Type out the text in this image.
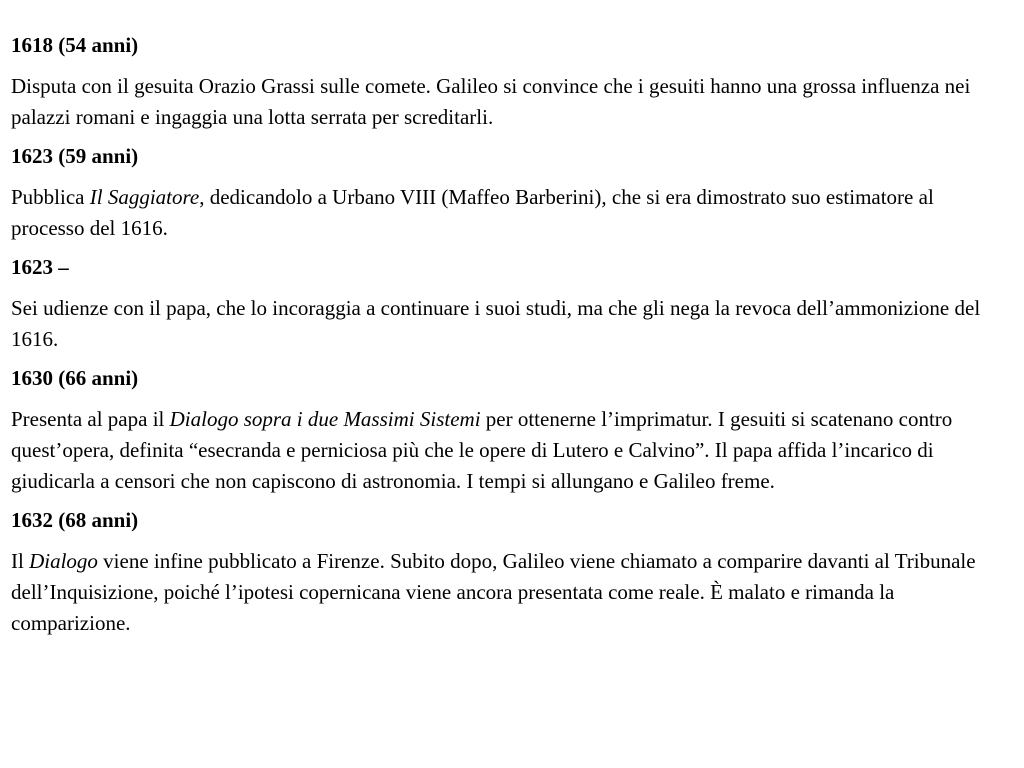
1618 (54 anni)

Disputa con il gesuita Orazio Grassi sulle comete. Galileo si convince che i gesuiti hanno una grossa influenza nei palazzi romani e ingaggia una lotta serrata per screditarli.

1623 (59 anni)

Pubblica Il Saggiatore, dedicandolo a Urbano VIII (Maffeo Barberini), che si era dimostrato suo estimatore al processo del 1616.

1623 –

Sei udienze con il papa, che lo incoraggia a continuare i suoi studi, ma che gli nega la revoca dell’ammonizione del 1616.

1630 (66 anni)

Presenta al papa il Dialogo sopra i due Massimi Sistemi per ottenerne l’imprimatur. I gesuiti si scatenano contro quest’opera, definita “esecranda e perniciosa più che le opere di Lutero e Calvino”. Il papa affida l’incarico di giudicarla a censori che non capiscono di astronomia. I tempi si allungano e Galileo freme.

1632 (68 anni)

Il Dialogo viene infine pubblicato a Firenze. Subito dopo, Galileo viene chiamato a comparire davanti al Tribunale dell’Inquisizione, poiché l’ipotesi copernicana viene ancora presentata come reale. È malato e rimanda la comparizione.
